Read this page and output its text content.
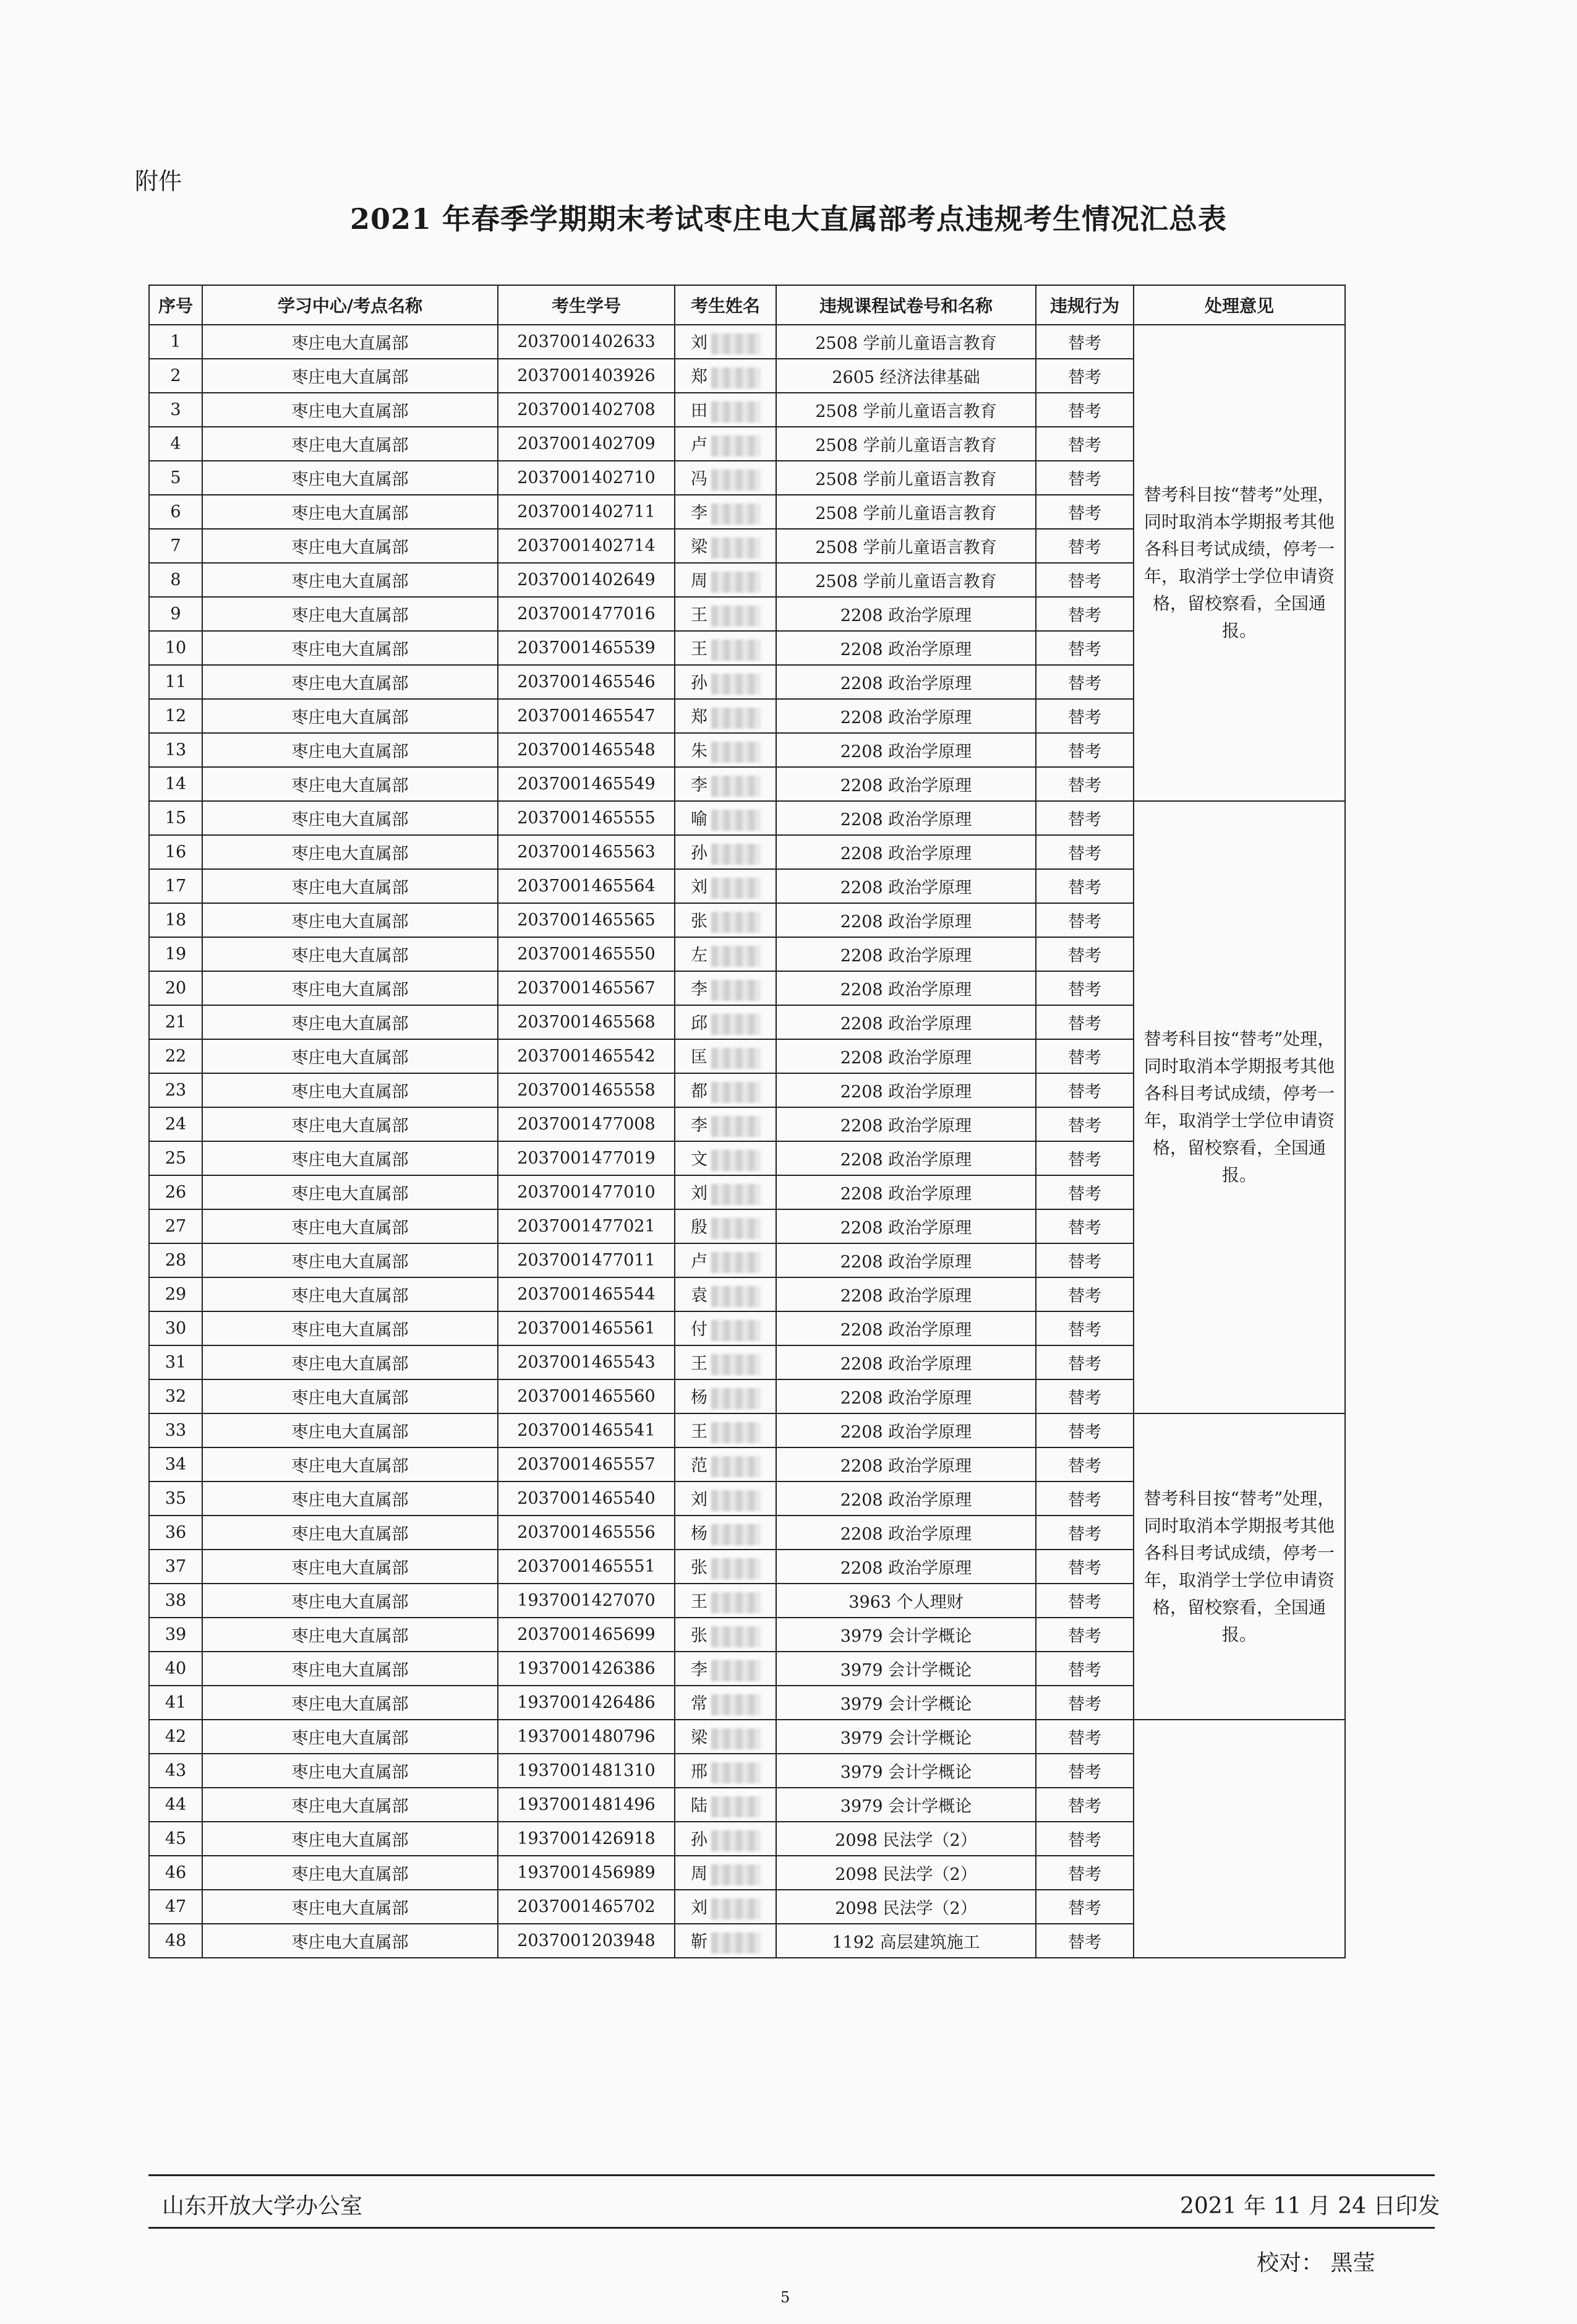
附件
2021 年春季学期期末考试枣庄电大直属部考点违规考生情况汇总表
序号	学习中心/考点名称	考生学号	考生姓名	违规课程试卷号和名称	违规行为	处理意见
1	枣庄电大直属部	2037001402633	刘	2508 学前儿童语言教育	替考	替考科目按“替考”处理，同时取消本学期报考其他各科目考试成绩，停考一年，取消学士学位申请资格，留校察看，全国通报。
2	枣庄电大直属部	2037001403926	郑	2605 经济法律基础	替考	
3	枣庄电大直属部	2037001402708	田	2508 学前儿童语言教育	替考	
4	枣庄电大直属部	2037001402709	卢	2508 学前儿童语言教育	替考	
5	枣庄电大直属部	2037001402710	冯	2508 学前儿童语言教育	替考	
6	枣庄电大直属部	2037001402711	李	2508 学前儿童语言教育	替考	
7	枣庄电大直属部	2037001402714	梁	2508 学前儿童语言教育	替考	
8	枣庄电大直属部	2037001402649	周	2508 学前儿童语言教育	替考	
9	枣庄电大直属部	2037001477016	王	2208 政治学原理	替考	
10	枣庄电大直属部	2037001465539	王	2208 政治学原理	替考	
11	枣庄电大直属部	2037001465546	孙	2208 政治学原理	替考	
12	枣庄电大直属部	2037001465547	郑	2208 政治学原理	替考	
13	枣庄电大直属部	2037001465548	朱	2208 政治学原理	替考	
14	枣庄电大直属部	2037001465549	李	2208 政治学原理	替考	
15	枣庄电大直属部	2037001465555	喻	2208 政治学原理	替考	替考科目按“替考”处理，同时取消本学期报考其他各科目考试成绩，停考一年，取消学士学位申请资格，留校察看，全国通报。
16	枣庄电大直属部	2037001465563	孙	2208 政治学原理	替考	
17	枣庄电大直属部	2037001465564	刘	2208 政治学原理	替考	
18	枣庄电大直属部	2037001465565	张	2208 政治学原理	替考	
19	枣庄电大直属部	2037001465550	左	2208 政治学原理	替考	
20	枣庄电大直属部	2037001465567	李	2208 政治学原理	替考	
21	枣庄电大直属部	2037001465568	邱	2208 政治学原理	替考	
22	枣庄电大直属部	2037001465542	匡	2208 政治学原理	替考	
23	枣庄电大直属部	2037001465558	都	2208 政治学原理	替考	
24	枣庄电大直属部	2037001477008	李	2208 政治学原理	替考	
25	枣庄电大直属部	2037001477019	文	2208 政治学原理	替考	
26	枣庄电大直属部	2037001477010	刘	2208 政治学原理	替考	
27	枣庄电大直属部	2037001477021	殷	2208 政治学原理	替考	
28	枣庄电大直属部	2037001477011	卢	2208 政治学原理	替考	
29	枣庄电大直属部	2037001465544	袁	2208 政治学原理	替考	
30	枣庄电大直属部	2037001465561	付	2208 政治学原理	替考	
31	枣庄电大直属部	2037001465543	王	2208 政治学原理	替考	
32	枣庄电大直属部	2037001465560	杨	2208 政治学原理	替考	
33	枣庄电大直属部	2037001465541	王	2208 政治学原理	替考	替考科目按“替考”处理，同时取消本学期报考其他各科目考试成绩，停考一年，取消学士学位申请资格，留校察看，全国通报。
34	枣庄电大直属部	2037001465557	范	2208 政治学原理	替考	
35	枣庄电大直属部	2037001465540	刘	2208 政治学原理	替考	
36	枣庄电大直属部	2037001465556	杨	2208 政治学原理	替考	
37	枣庄电大直属部	2037001465551	张	2208 政治学原理	替考	
38	枣庄电大直属部	1937001427070	王	3963 个人理财	替考	
39	枣庄电大直属部	2037001465699	张	3979 会计学概论	替考	
40	枣庄电大直属部	1937001426386	李	3979 会计学概论	替考	
41	枣庄电大直属部	1937001426486	常	3979 会计学概论	替考	
42	枣庄电大直属部	1937001480796	梁	3979 会计学概论	替考	
43	枣庄电大直属部	1937001481310	邢	3979 会计学概论	替考	
44	枣庄电大直属部	1937001481496	陆	3979 会计学概论	替考	
45	枣庄电大直属部	1937001426918	孙	2098 民法学（2）	替考	
46	枣庄电大直属部	1937001456989	周	2098 民法学（2）	替考	
47	枣庄电大直属部	2037001465702	刘	2098 民法学（2）	替考	
48	枣庄电大直属部	2037001203948	靳	1192 高层建筑施工	替考	
山东开放大学办公室	2021 年 11 月 24 日印发
校对： 黑莹
5
